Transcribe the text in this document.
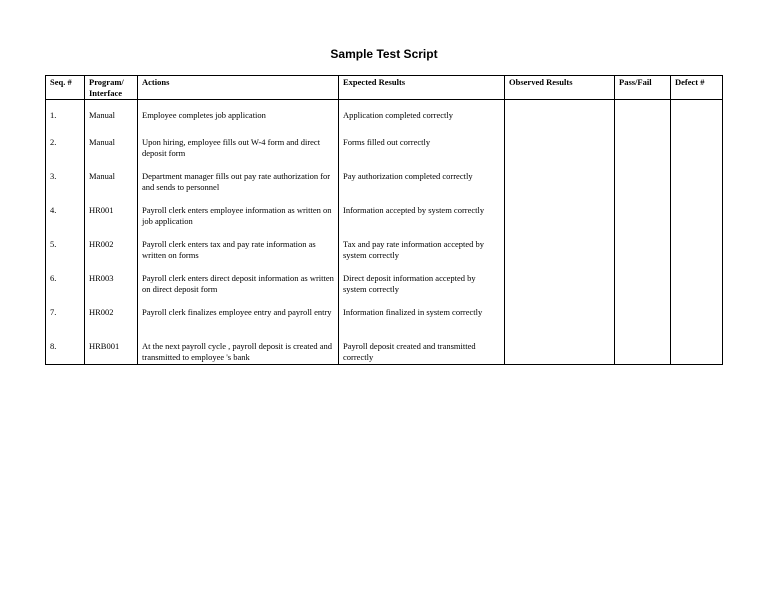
Sample Test Script
Seq. #	Program/ Interface	Actions	Expected Results	Observed Results	Pass/Fail	Defect #
1.	Manual	Employee completes job application	Application completed correctly			
2.	Manual	Upon hiring, employee fills out W-4 form and direct deposit form	Forms filled out correctly			
3.	Manual	Department manager fills out pay rate authorization for and sends to personnel	Pay authorization completed correctly			
4.	HR001	Payroll clerk enters employee information as written on job application	Information accepted by system correctly			
5.	HR002	Payroll clerk enters tax and pay rate information as written on forms	Tax and pay rate information accepted by system correctly			
6.	HR003	Payroll clerk enters direct deposit information as written on direct deposit form	Direct deposit information accepted by system correctly			
7.	HR002	Payroll clerk finalizes employee entry and payroll entry	Information finalized in system correctly			
8.	HRB001	At the next payroll cycle , payroll deposit is created and transmitted to employee 's bank	Payroll deposit created and transmitted correctly			
